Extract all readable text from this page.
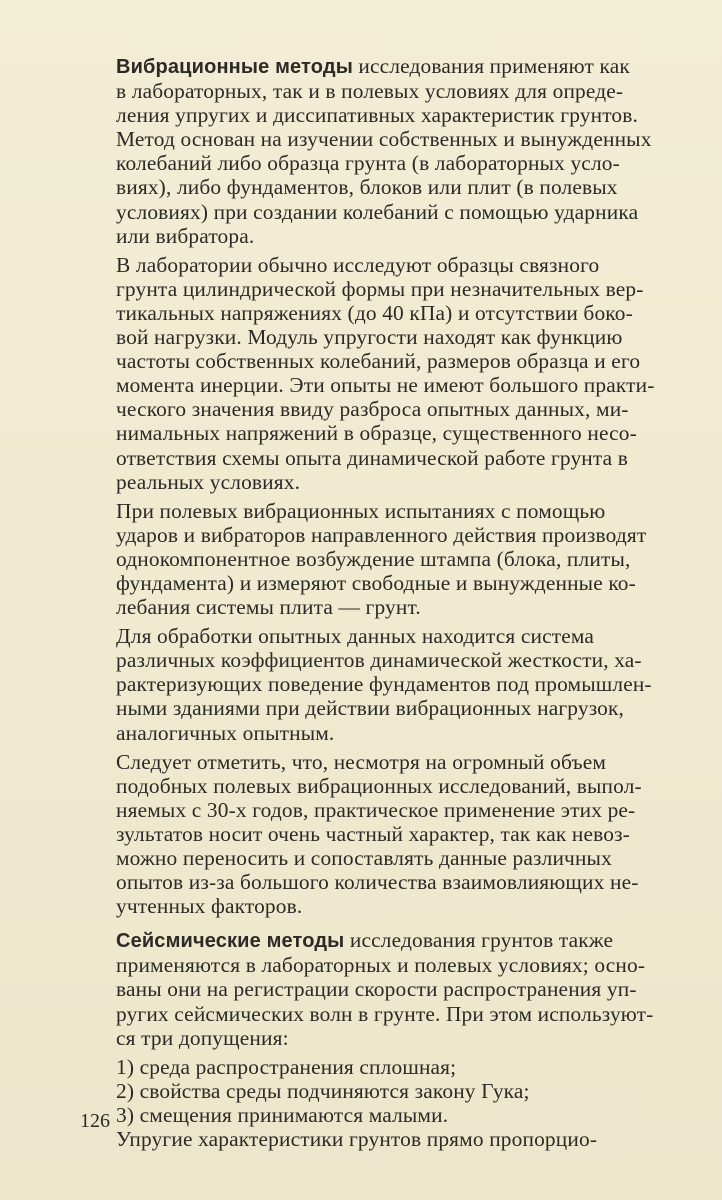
Вибрационные методы исследования применяют как
в лабораторных, так и в полевых условиях для опреде-
ления упругих и диссипативных характеристик грунтов.
Метод основан на изучении собственных и вынужденных
колебаний либо образца грунта (в лабораторных усло-
виях), либо фундаментов, блоков или плит (в полевых
условиях) при создании колебаний с помощью ударника
или вибратора.

В лаборатории обычно исследуют образцы связного
грунта цилиндрической формы при незначительных вер-
тикальных напряжениях (до 40 кПа) и отсутствии боко-
вой нагрузки. Модуль упругости находят как функцию
частоты собственных колебаний, размеров образца и его
момента инерции. Эти опыты не имеют большого практи-
ческого значения ввиду разброса опытных данных, ми-
нимальных напряжений в образце, существенного несо-
ответствия схемы опыта динамической работе грунта в
реальных условиях.

При полевых вибрационных испытаниях с помощью
ударов и вибраторов направленного действия производят
однокомпонентное возбуждение штампа (блока, плиты,
фундамента) и измеряют свободные и вынужденные ко-
лебания системы плита — грунт.

Для обработки опытных данных находится система
различных коэффициентов динамической жесткости, ха-
рактеризующих поведение фундаментов под промышлен-
ными зданиями при действии вибрационных нагрузок,
аналогичных опытным.

Следует отметить, что, несмотря на огромный объем
подобных полевых вибрационных исследований, выпол-
няемых с 30-х годов, практическое применение этих ре-
зультатов носит очень частный характер, так как невоз-
можно переносить и сопоставлять данные различных
опытов из-за большого количества взаимовлияющих не-
учтенных факторов.

Сейсмические методы исследования грунтов также
применяются в лабораторных и полевых условиях; осно-
ваны они на регистрации скорости распространения уп-
ругих сейсмических волн в грунте. При этом используют-
ся три допущения:

1) среда распространения сплошная;
2) свойства среды подчиняются закону Гука;
3) смещения принимаются малыми.

Упругие характеристики грунтов прямо пропорцио-

126
